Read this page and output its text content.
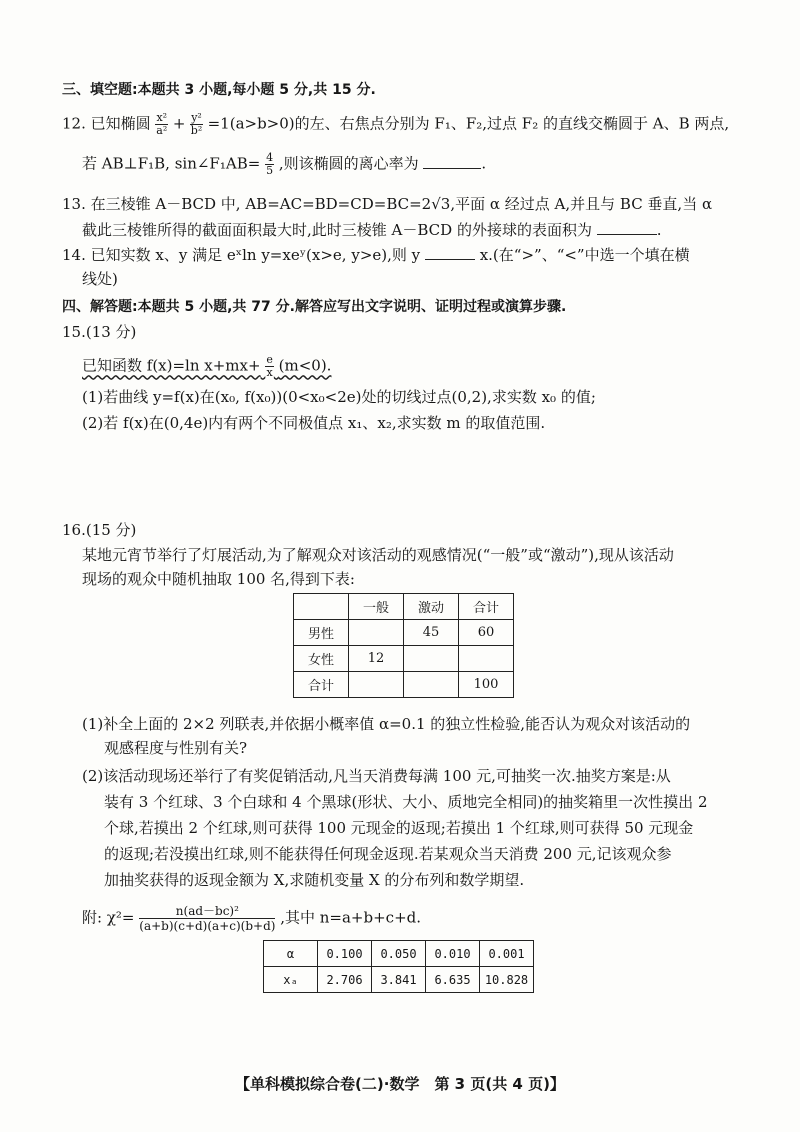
三、填空题:本题共 3 小题,每小题 5 分,共 15 分.
12. 已知椭圆 $\frac{\text{x²}}{\text{a²}} + \frac{\text{y²}}{\text{b²}} =1(a>b>0)$的左、右焦点分别为 F₁、F₂,过点 F₂ 的直线交椭圆于 A、B 两点,
若 AB⊥F₁B, sin∠F₁AB= $\frac{4}{5}$ ,则该椭圆的离心率为	.
13. 在三棱锥 A－BCD 中, AB=AC=BD=CD=BC=2√3,平面 α 经过点 A,并且与 BC 垂直,当 α
截此三棱锥所得的截面面积最大时,此时三棱锥 A－BCD 的外接球的表面积为	.
14. 已知实数 x、y 满足 eˣln y=xeʸ(x>e, y>e),则 y	x.(在“>”、“<”中选一个填在横
线处)
四、解答题:本题共 5 小题,共 77 分.解答应写出文字说明、证明过程或演算步骤.
15.(13 分)
已知函数 f(x)=ln $x+mx+ \frac{e}{x} (m<0)$.
(1)若曲线 y=f(x)在(x₀, f(x₀))(0<x₀<2e)处的切线过点(0,2),求实数 x₀ 的值;
(2)若 f(x)在(0,4e)内有两个不同极值点 x₁、x₂,求实数 m 的取值范围.
16.(15 分)
某地元宵节举行了灯展活动,为了解观众对该活动的观感情况(“一般”或“激动”),现从该活动
现场的观众中随机抽取 100 名,得到下表:
	一般	激动	合计
男性		45	60
女性	12		
合计			100
(1)补全上面的 2×2 列联表,并依据小概率值 α=0.1 的独立性检验,能否认为观众对该活动的
观感程度与性别有关?
(2)该活动现场还举行了有奖促销活动,凡当天消费每满 100 元,可抽奖一次.抽奖方案是:从
装有 3 个红球、3 个白球和 4 个黑球(形状、大小、质地完全相同)的抽奖箱里一次性摸出 2
个球,若摸出 2 个红球,则可获得 100 元现金的返现;若摸出 1 个红球,则可获得 50 元现金
的返现;若没摸出红球,则不能获得任何现金返现.若某观众当天消费 200 元,记该观众参
加抽奖获得的返现金额为 X,求随机变量 X 的分布列和数学期望.
附: $\chi^2= \frac{\text{n(ad－bc)²}}{(a+b)(c+d)(a+c)(b+d)}$ ,其中 n=a+b+c+d.
α	0.100	0.050	0.010	0.001
xₐ	2.706	3.841	6.635	10.828
【单科模拟综合卷(二)·数学　第 3 页(共 4 页)】
